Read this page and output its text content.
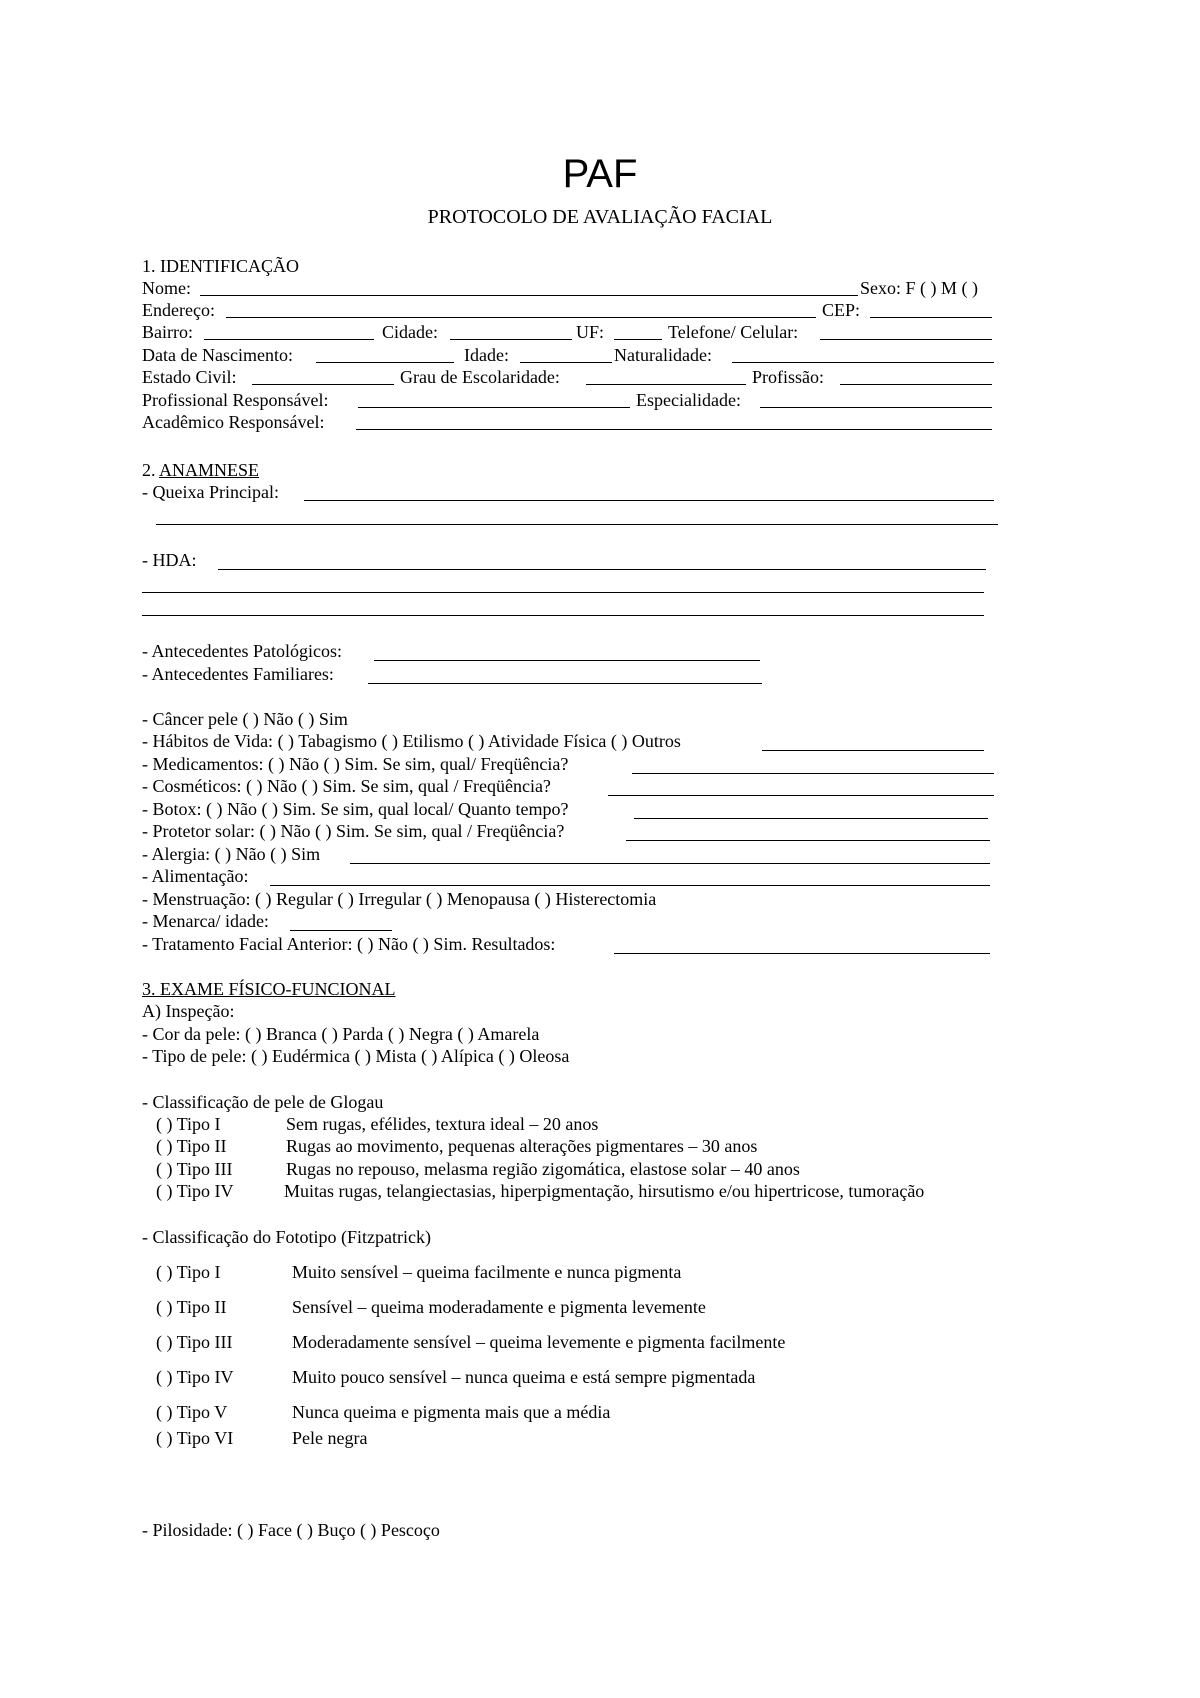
PAF
PROTOCOLO DE AVALIAÇÃO FACIAL
1. IDENTIFICAÇÃO
Nome:	Sexo: F ( ) M ( )
Endereço:	CEP:
Bairro:	Cidade:	UF:	Telefone/ Celular:
Data de Nascimento:	Idade:	Naturalidade:
Estado Civil:	Grau de Escolaridade:	Profissão:
Profissional Responsável:	Especialidade:
Acadêmico Responsável:
2. ANAMNESE
- Queixa Principal:
- HDA:
- Antecedentes Patológicos:
- Antecedentes Familiares:
- Câncer pele ( ) Não ( ) Sim
- Hábitos de Vida: ( ) Tabagismo ( ) Etilismo ( ) Atividade Física ( ) Outros
- Medicamentos: ( ) Não ( ) Sim. Se sim, qual/ Freqüência?
- Cosméticos: ( ) Não ( ) Sim. Se sim, qual / Freqüência?
- Botox: ( ) Não ( ) Sim. Se sim, qual local/ Quanto tempo?
- Protetor solar: ( ) Não ( ) Sim. Se sim, qual / Freqüência?
- Alergia: ( ) Não ( ) Sim
- Alimentação:
- Menstruação: ( ) Regular ( ) Irregular ( ) Menopausa ( ) Histerectomia
- Menarca/ idade:
- Tratamento Facial Anterior: ( ) Não ( ) Sim. Resultados:
3. EXAME FÍSICO-FUNCIONAL
A) Inspeção:
- Cor da pele: ( ) Branca ( ) Parda ( ) Negra ( ) Amarela
- Tipo de pele: ( ) Eudérmica ( ) Mista ( ) Alípica ( ) Oleosa
- Classificação de pele de Glogau
( ) Tipo I	Sem rugas, efélides, textura ideal – 20 anos
( ) Tipo II	Rugas ao movimento, pequenas alterações pigmentares – 30 anos
( ) Tipo III	Rugas no repouso, melasma região zigomática, elastose solar – 40 anos
( ) Tipo IV	Muitas rugas, telangiectasias, hiperpigmentação, hirsutismo e/ou hipertricose, tumoração
- Classificação do Fototipo (Fitzpatrick)
( ) Tipo I	Muito sensível – queima facilmente e nunca pigmenta
( ) Tipo II	Sensível – queima moderadamente e pigmenta levemente
( ) Tipo III	Moderadamente sensível – queima levemente e pigmenta facilmente
( ) Tipo IV	Muito pouco sensível – nunca queima e está sempre pigmentada
( ) Tipo V	Nunca queima e pigmenta mais que a média
( ) Tipo VI	Pele negra
- Pilosidade: ( ) Face ( ) Buço ( ) Pescoço
